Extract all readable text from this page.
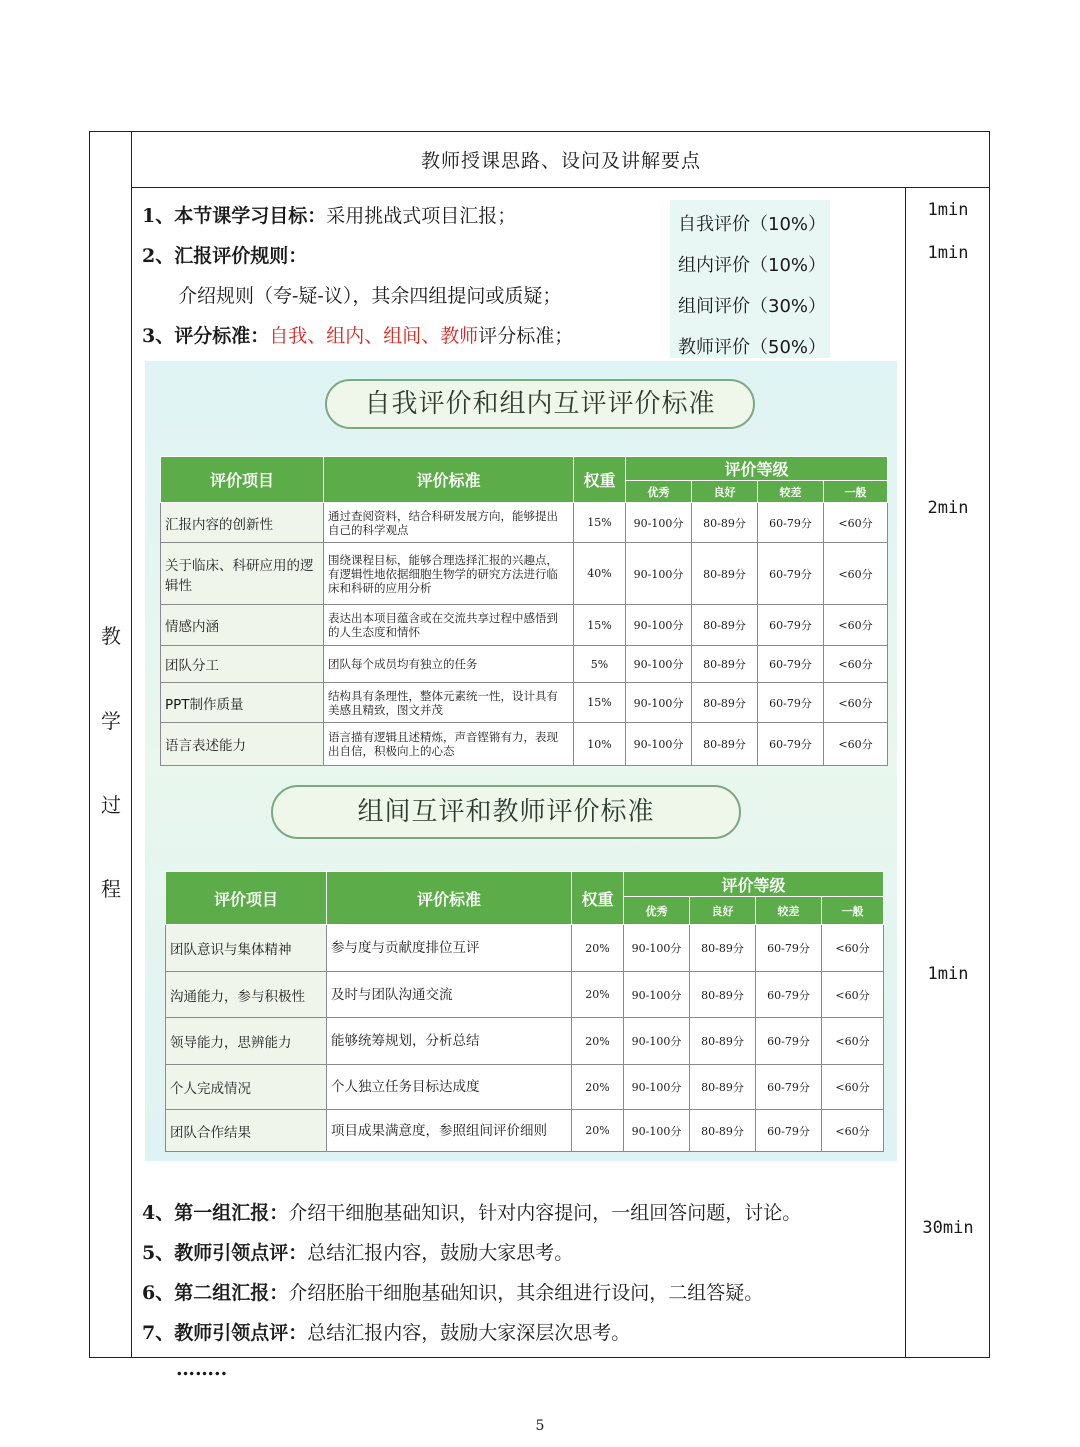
教
学
过
程
教师授课思路、设问及讲解要点
1min
1min
2min
1min
30min
1、本节课学习目标：采用挑战式项目汇报；
2、汇报评价规则：
介绍规则（夸-疑-议），其余四组提问或质疑；
3、评分标准：自我、组内、组间、教师评分标准；
自我评价（10%）
组内评价（10%）
组间评价（30%）
教师评价（50%）
自我评价和组内互评评价标准
评价项目	评价标准	权重	评价等级			
			优秀	良好	较差	一般
汇报内容的创新性	通过查阅资料，结合科研发展方向，能够提出自己的科学观点	15%	90-100分	80-89分	60-79分	<60分
关于临床、科研应用的逻辑性	围绕课程目标，能够合理选择汇报的兴趣点，有逻辑性地依据细胞生物学的研究方法进行临床和科研的应用分析	40%	90-100分	80-89分	60-79分	<60分
情感内涵	表达出本项目蕴含或在交流共享过程中感悟到的人生态度和情怀	15%	90-100分	80-89分	60-79分	<60分
团队分工	团队每个成员均有独立的任务	5%	90-100分	80-89分	60-79分	<60分
PPT制作质量	结构具有条理性，整体元素统一性，设计具有美感且精致，图文并茂	15%	90-100分	80-89分	60-79分	<60分
语言表述能力	语言描有逻辑且述精炼，声音铿锵有力，表现出自信，积极向上的心态	10%	90-100分	80-89分	60-79分	<60分
组间互评和教师评价标准
评价项目	评价标准	权重	评价等级			
			优秀	良好	较差	一般
团队意识与集体精神	参与度与贡献度排位互评	20%	90-100分	80-89分	60-79分	<60分
沟通能力，参与积极性	及时与团队沟通交流	20%	90-100分	80-89分	60-79分	<60分
领导能力，思辨能力	能够统筹规划，分析总结	20%	90-100分	80-89分	60-79分	<60分
个人完成情况	个人独立任务目标达成度	20%	90-100分	80-89分	60-79分	<60分
团队合作结果	项目成果满意度，参照组间评价细则	20%	90-100分	80-89分	60-79分	<60分
4、第一组汇报：介绍干细胞基础知识，针对内容提问，一组回答问题，讨论。
5、教师引领点评：总结汇报内容，鼓励大家思考。
6、第二组汇报：介绍胚胎干细胞基础知识，其余组进行设问，二组答疑。
7、教师引领点评：总结汇报内容，鼓励大家深层次思考。
……..
5
